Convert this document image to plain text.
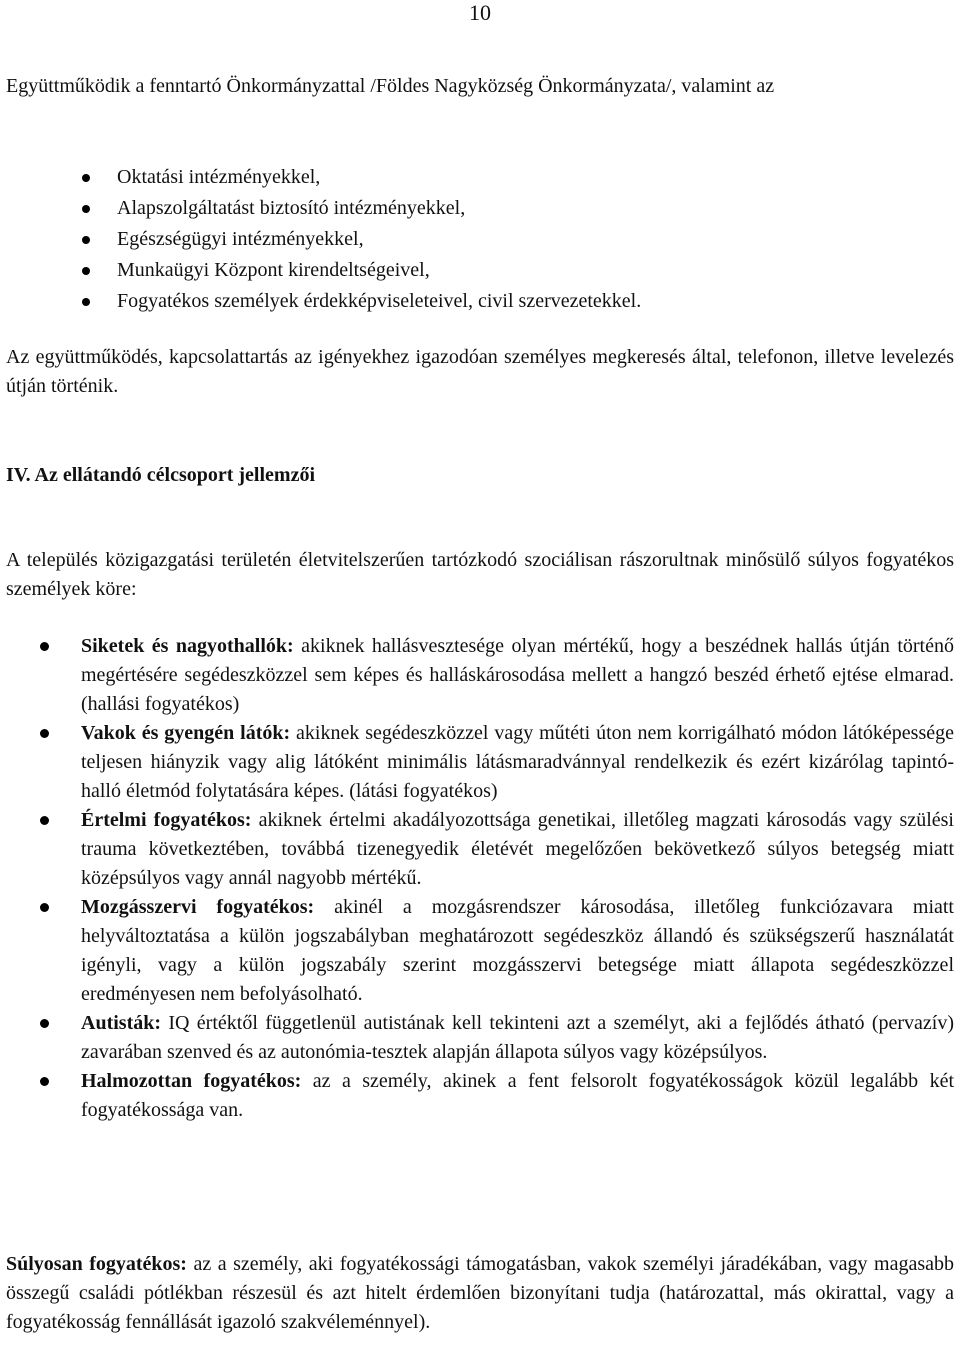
10

Együttműködik a fenntartó Önkormányzattal /Földes Nagyközség Önkormányzata/, valamint az

Oktatási intézményekkel,
Alapszolgáltatást biztosító intézményekkel,
Egészségügyi intézményekkel,
Munkaügyi Központ kirendeltségeivel,
Fogyatékos személyek érdekképviseleteivel, civil szervezetekkel.

Az együttműködés, kapcsolattartás az igényekhez igazodóan személyes megkeresés által, telefonon, illetve levelezés útján történik.

IV. Az ellátandó célcsoport jellemzői

A település közigazgatási területén életvitelszerűen tartózkodó szociálisan rászorultnak minősülő súlyos fogyatékos személyek köre:

Siketek és nagyothallók: akiknek hallásvesztesége olyan mértékű, hogy a beszédnek hallás útján történő megértésére segédeszközzel sem képes és halláskárosodása mellett a hangzó beszéd érhető ejtése elmarad. (hallási fogyatékos)
Vakok és gyengén látók: akiknek segédeszközzel vagy műtéti úton nem korrigálható módon látóképessége teljesen hiányzik vagy alig látóként minimális látásmaradvánnyal rendelkezik és ezért kizárólag tapintó-halló életmód folytatására képes. (látási fogyatékos)
Értelmi fogyatékos: akiknek értelmi akadályozottsága genetikai, illetőleg magzati károsodás vagy szülési trauma következtében, továbbá tizenegyedik életévét megelőzően bekövetkező súlyos betegség miatt középsúlyos vagy annál nagyobb mértékű.
Mozgásszervi fogyatékos: akinél a mozgásrendszer károsodása, illetőleg funkciózavara miatt helyváltoztatása a külön jogszabályban meghatározott segédeszköz állandó és szükségszerű használatát igényli, vagy a külön jogszabály szerint mozgásszervi betegsége miatt állapota segédeszközzel eredményesen nem befolyásolható.
Autisták: IQ értéktől függetlenül autistának kell tekinteni azt a személyt, aki a fejlődés átható (pervazív) zavarában szenved és az autonómia-tesztek alapján állapota súlyos vagy középsúlyos.
Halmozottan fogyatékos: az a személy, akinek a fent felsorolt fogyatékosságok közül legalább két fogyatékossága van.

Súlyosan fogyatékos: az a személy, aki fogyatékossági támogatásban, vakok személyi járadékában, vagy magasabb összegű családi pótlékban részesül és azt hitelt érdemlően bizonyítani tudja (határozattal, más okirattal, vagy a fogyatékosság fennállását igazoló szakvéleménnyel).
